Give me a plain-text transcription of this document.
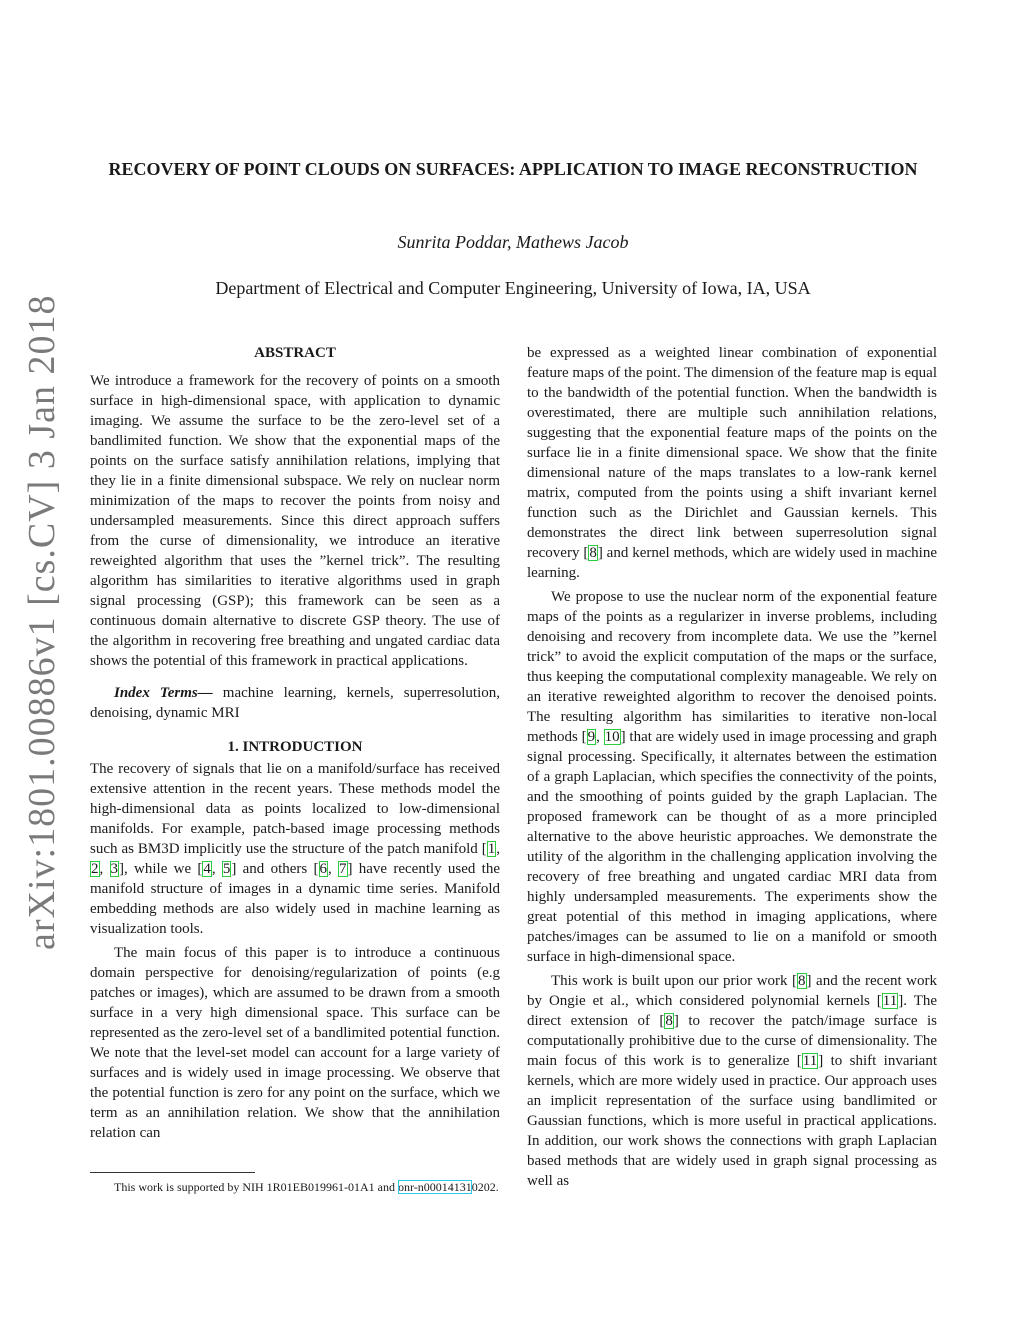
arXiv:1801.00886v1 [cs.CV] 3 Jan 2018
RECOVERY OF POINT CLOUDS ON SURFACES: APPLICATION TO IMAGE RECONSTRUCTION
Sunrita Poddar, Mathews Jacob
Department of Electrical and Computer Engineering, University of Iowa, IA, USA
ABSTRACT

We introduce a framework for the recovery of points on a smooth surface in high-dimensional space, with application to dynamic imaging. We assume the surface to be the zero-level set of a bandlimited function. We show that the exponential maps of the points on the surface satisfy annihilation relations, implying that they lie in a finite dimensional subspace. We rely on nuclear norm minimization of the maps to recover the points from noisy and undersampled measurements. Since this direct approach suffers from the curse of dimensionality, we introduce an iterative reweighted algorithm that uses the ”kernel trick”. The resulting algorithm has similarities to iterative algorithms used in graph signal processing (GSP); this framework can be seen as a continuous domain alternative to discrete GSP theory. The use of the algorithm in recovering free breathing and ungated cardiac data shows the potential of this framework in practical applications.

Index Terms— machine learning, kernels, superresolution, denoising, dynamic MRI

1. INTRODUCTION

The recovery of signals that lie on a manifold/surface has received extensive attention in the recent years. These methods model the high-dimensional data as points localized to low-dimensional manifolds. For example, patch-based image processing methods such as BM3D implicitly use the structure of the patch manifold [1, 2, 3], while we [4, 5] and others [6, 7] have recently used the manifold structure of images in a dynamic time series. Manifold embedding methods are also widely used in machine learning as visualization tools.

The main focus of this paper is to introduce a continuous domain perspective for denoising/regularization of points (e.g patches or images), which are assumed to be drawn from a smooth surface in a very high dimensional space. This surface can be represented as the zero-level set of a bandlimited potential function. We note that the level-set model can account for a large variety of surfaces and is widely used in image processing. We observe that the potential function is zero for any point on the surface, which we term as an annihilation relation. We show that the annihilation relation can

be expressed as a weighted linear combination of exponential feature maps of the point. The dimension of the feature map is equal to the bandwidth of the potential function. When the bandwidth is overestimated, there are multiple such annihilation relations, suggesting that the exponential feature maps of the points on the surface lie in a finite dimensional space. We show that the finite dimensional nature of the maps translates to a low-rank kernel matrix, computed from the points using a shift invariant kernel function such as the Dirichlet and Gaussian kernels. This demonstrates the direct link between superresolution signal recovery [8] and kernel methods, which are widely used in machine learning.

We propose to use the nuclear norm of the exponential feature maps of the points as a regularizer in inverse problems, including denoising and recovery from incomplete data. We use the ”kernel trick” to avoid the explicit computation of the maps or the surface, thus keeping the computational complexity manageable. We rely on an iterative reweighted algorithm to recover the denoised points. The resulting algorithm has similarities to iterative non-local methods [9, 10] that are widely used in image processing and graph signal processing. Specifically, it alternates between the estimation of a graph Laplacian, which specifies the connectivity of the points, and the smoothing of points guided by the graph Laplacian. The proposed framework can be thought of as a more principled alternative to the above heuristic approaches. We demonstrate the utility of the algorithm in the challenging application involving the recovery of free breathing and ungated cardiac MRI data from highly undersampled measurements. The experiments show the great potential of this method in imaging applications, where patches/images can be assumed to lie on a manifold or smooth surface in high-dimensional space.

This work is built upon our prior work [8] and the recent work by Ongie et al., which considered polynomial kernels [11]. The direct extension of [8] to recover the patch/image surface is computationally prohibitive due to the curse of dimensionality. The main focus of this work is to generalize [11] to shift invariant kernels, which are more widely used in practice. Our approach uses an implicit representation of the surface using bandlimited or Gaussian functions, which is more useful in practical applications. In addition, our work shows the connections with graph Laplacian based methods that are widely used in graph signal processing as well as

This work is supported by NIH 1R01EB019961-01A1 and onr-n000141310202.
